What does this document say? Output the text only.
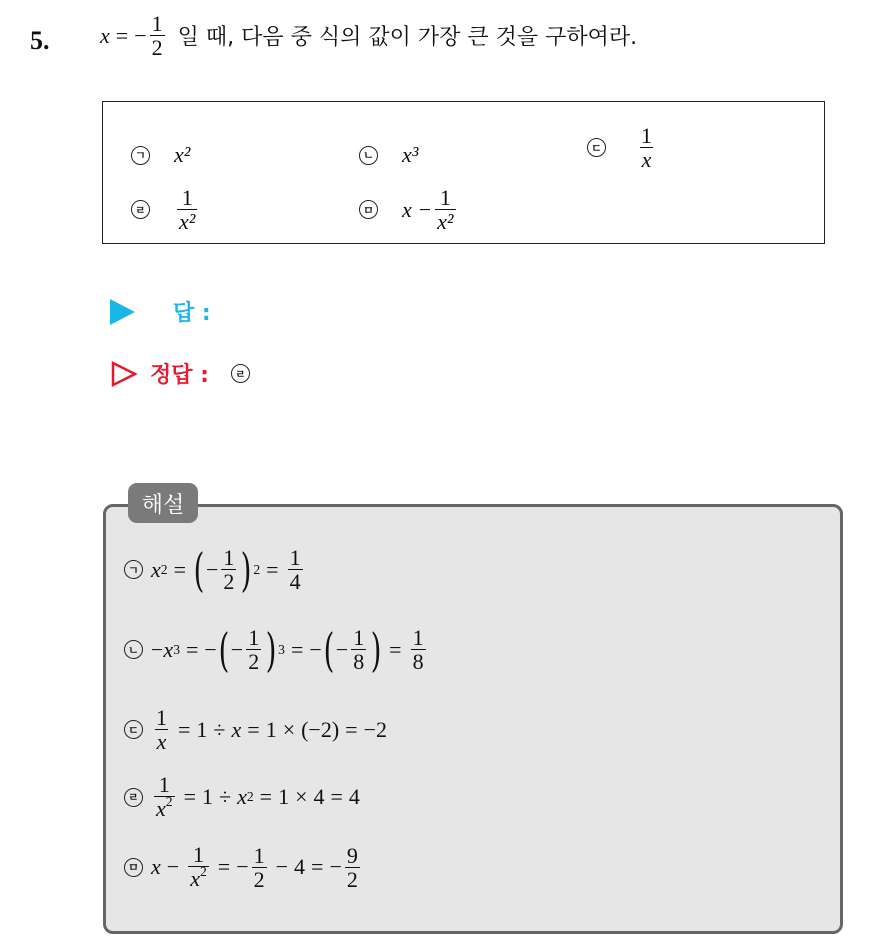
5. x = − $\frac{1}{2}$ 일 때, 다음 중 식의 값이 가장 큰 것을 구하여라.
ㄱ x²	ㄴ x³	ㄷ $\frac{1}{x}$
ㄹ $\frac{1}{\text{x²}}$	ㅁ $x - \frac{1}{\text{x²}}$
답 :
정답 :	ㄹ
해설
ㄱ x 2 = ( − $\frac{1}{2}$ ) $2 = \frac{1}{4}$
ㄴ − x 3 = − ( − $\frac{1}{2}$ ) 3 = − ( − $\frac{1}{8}$ ) = $\frac{1}{8}$
ㄷ $\frac{1}{x} = 1 \div x = 1 \times (-2) = -2$
ㄹ $\frac{1}{x^2} = 1 \div x$ 2 = 1 × 4 = 4
ㅁ $x - \frac{1}{x^2}$ = − $\frac{1}{2} - 4$ = − $\frac{9}{2}$
